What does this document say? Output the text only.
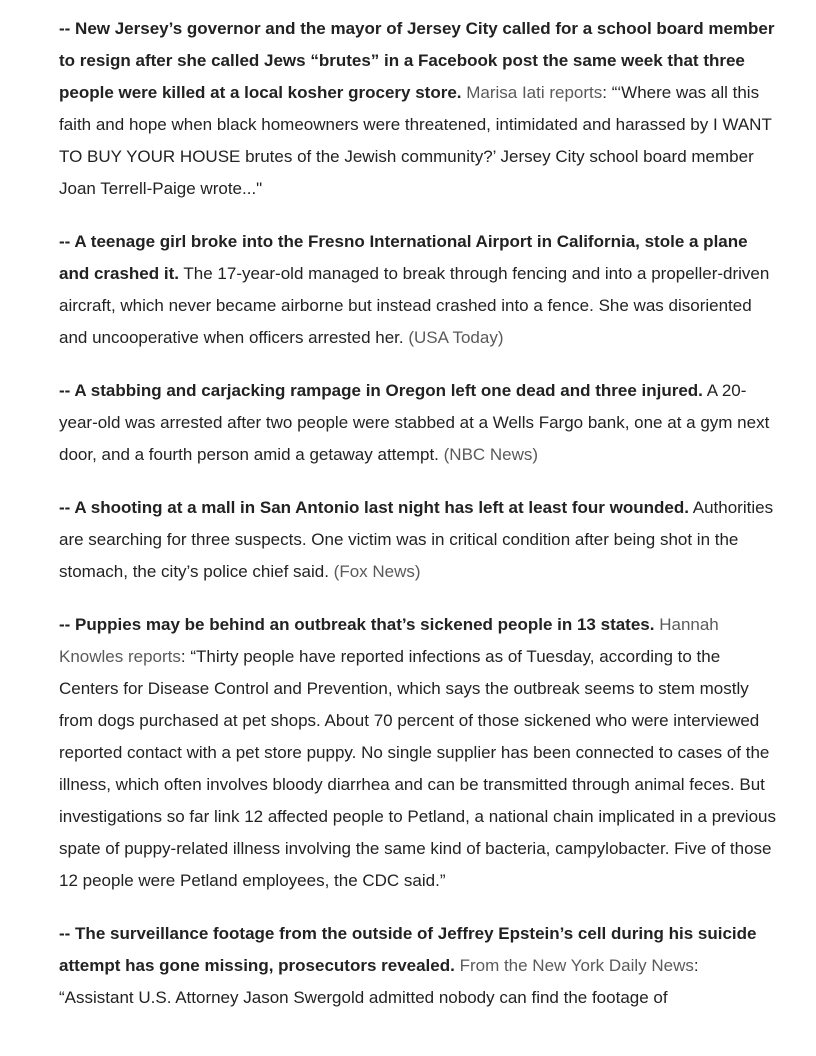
-- New Jersey’s governor and the mayor of Jersey City called for a school board member to resign after she called Jews “brutes” in a Facebook post the same week that three people were killed at a local kosher grocery store. Marisa Iati reports: “‘Where was all this faith and hope when black homeowners were threatened, intimidated and harassed by I WANT TO BUY YOUR HOUSE brutes of the Jewish community?’ Jersey City school board member Joan Terrell-Paige wrote..."

-- A teenage girl broke into the Fresno International Airport in California, stole a plane and crashed it. The 17-year-old managed to break through fencing and into a propeller-driven aircraft, which never became airborne but instead crashed into a fence. She was disoriented and uncooperative when officers arrested her. (USA Today)

-- A stabbing and carjacking rampage in Oregon left one dead and three injured. A 20-year-old was arrested after two people were stabbed at a Wells Fargo bank, one at a gym next door, and a fourth person amid a getaway attempt. (NBC News)

-- A shooting at a mall in San Antonio last night has left at least four wounded. Authorities are searching for three suspects. One victim was in critical condition after being shot in the stomach, the city’s police chief said. (Fox News)

-- Puppies may be behind an outbreak that’s sickened people in 13 states. Hannah Knowles reports: “Thirty people have reported infections as of Tuesday, according to the Centers for Disease Control and Prevention, which says the outbreak seems to stem mostly from dogs purchased at pet shops. About 70 percent of those sickened who were interviewed reported contact with a pet store puppy. No single supplier has been connected to cases of the illness, which often involves bloody diarrhea and can be transmitted through animal feces. But investigations so far link 12 affected people to Petland, a national chain implicated in a previous spate of puppy-related illness involving the same kind of bacteria, campylobacter. Five of those 12 people were Petland employees, the CDC said.”

-- The surveillance footage from the outside of Jeffrey Epstein’s cell during his suicide attempt has gone missing, prosecutors revealed. From the New York Daily News: “Assistant U.S. Attorney Jason Swergold admitted nobody can find the footage of
